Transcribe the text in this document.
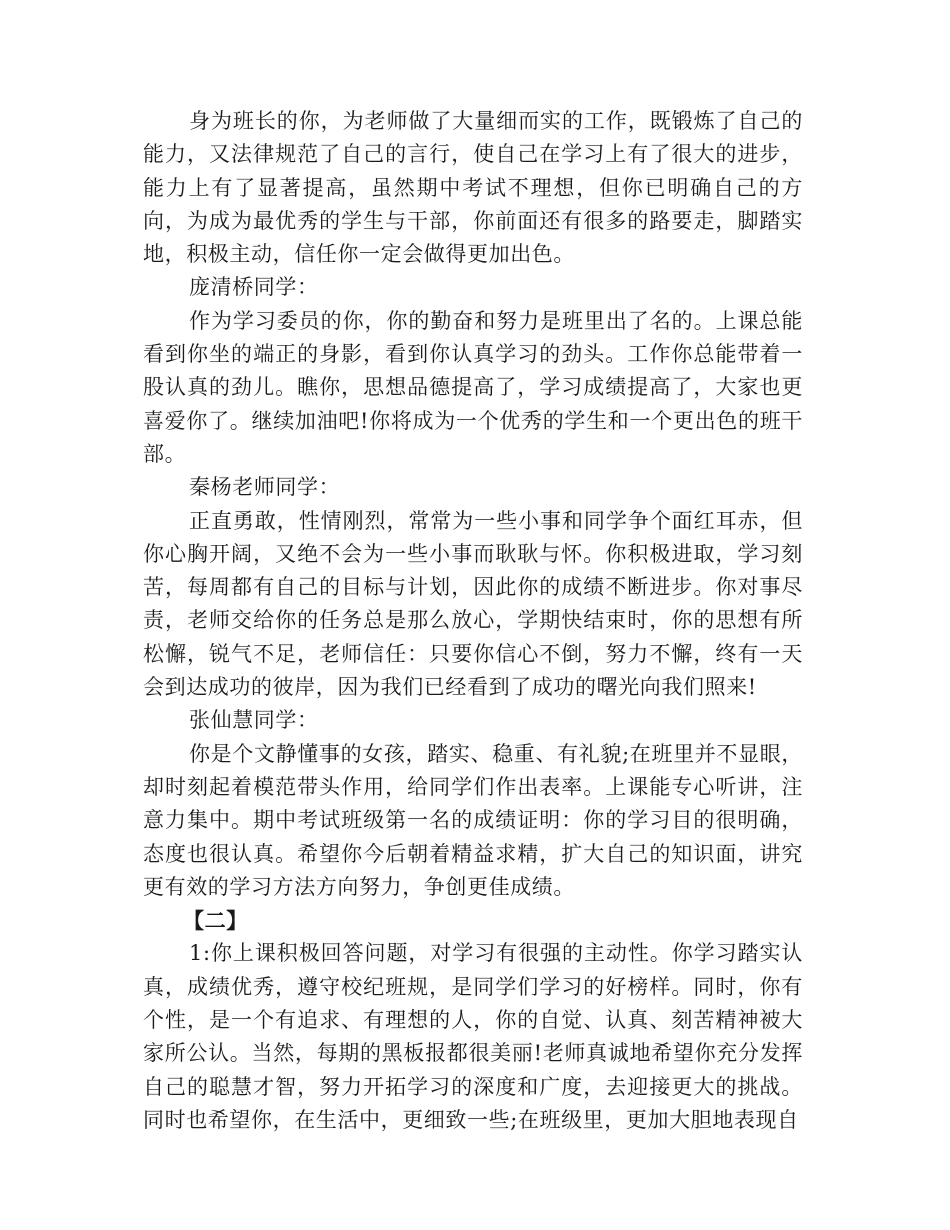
身为班长的你，为老师做了大量细而实的工作，既锻炼了自己的能力，又法律规范了自己的言行，使自己在学习上有了很大的进步，能力上有了显著提高，虽然期中考试不理想，但你已明确自己的方向，为成为最优秀的学生与干部，你前面还有很多的路要走，脚踏实地，积极主动，信任你一定会做得更加出色。

庞清桥同学：

作为学习委员的你，你的勤奋和努力是班里出了名的。上课总能看到你坐的端正的身影，看到你认真学习的劲头。工作你总能带着一股认真的劲儿。瞧你，思想品德提高了，学习成绩提高了，大家也更喜爱你了。继续加油吧!你将成为一个优秀的学生和一个更出色的班干部。

秦杨老师同学：

正直勇敢，性情刚烈，常常为一些小事和同学争个面红耳赤，但你心胸开阔，又绝不会为一些小事而耿耿与怀。你积极进取，学习刻苦，每周都有自己的目标与计划，因此你的成绩不断进步。你对事尽责，老师交给你的任务总是那么放心，学期快结束时，你的思想有所松懈，锐气不足，老师信任：只要你信心不倒，努力不懈，终有一天会到达成功的彼岸，因为我们已经看到了成功的曙光向我们照来!

张仙慧同学：

你是个文静懂事的女孩，踏实、稳重、有礼貌;在班里并不显眼，却时刻起着模范带头作用，给同学们作出表率。上课能专心听讲，注意力集中。期中考试班级第一名的成绩证明：你的学习目的很明确，态度也很认真。希望你今后朝着精益求精，扩大自己的知识面，讲究更有效的学习方法方向努力，争创更佳成绩。

【二】

1:你上课积极回答问题，对学习有很强的主动性。你学习踏实认真，成绩优秀，遵守校纪班规，是同学们学习的好榜样。同时，你有个性，是一个有追求、有理想的人，你的自觉、认真、刻苦精神被大家所公认。当然，每期的黑板报都很美丽!老师真诚地希望你充分发挥自己的聪慧才智，努力开拓学习的深度和广度，去迎接更大的挑战。同时也希望你，在生活中，更细致一些;在班级里，更加大胆地表现自
